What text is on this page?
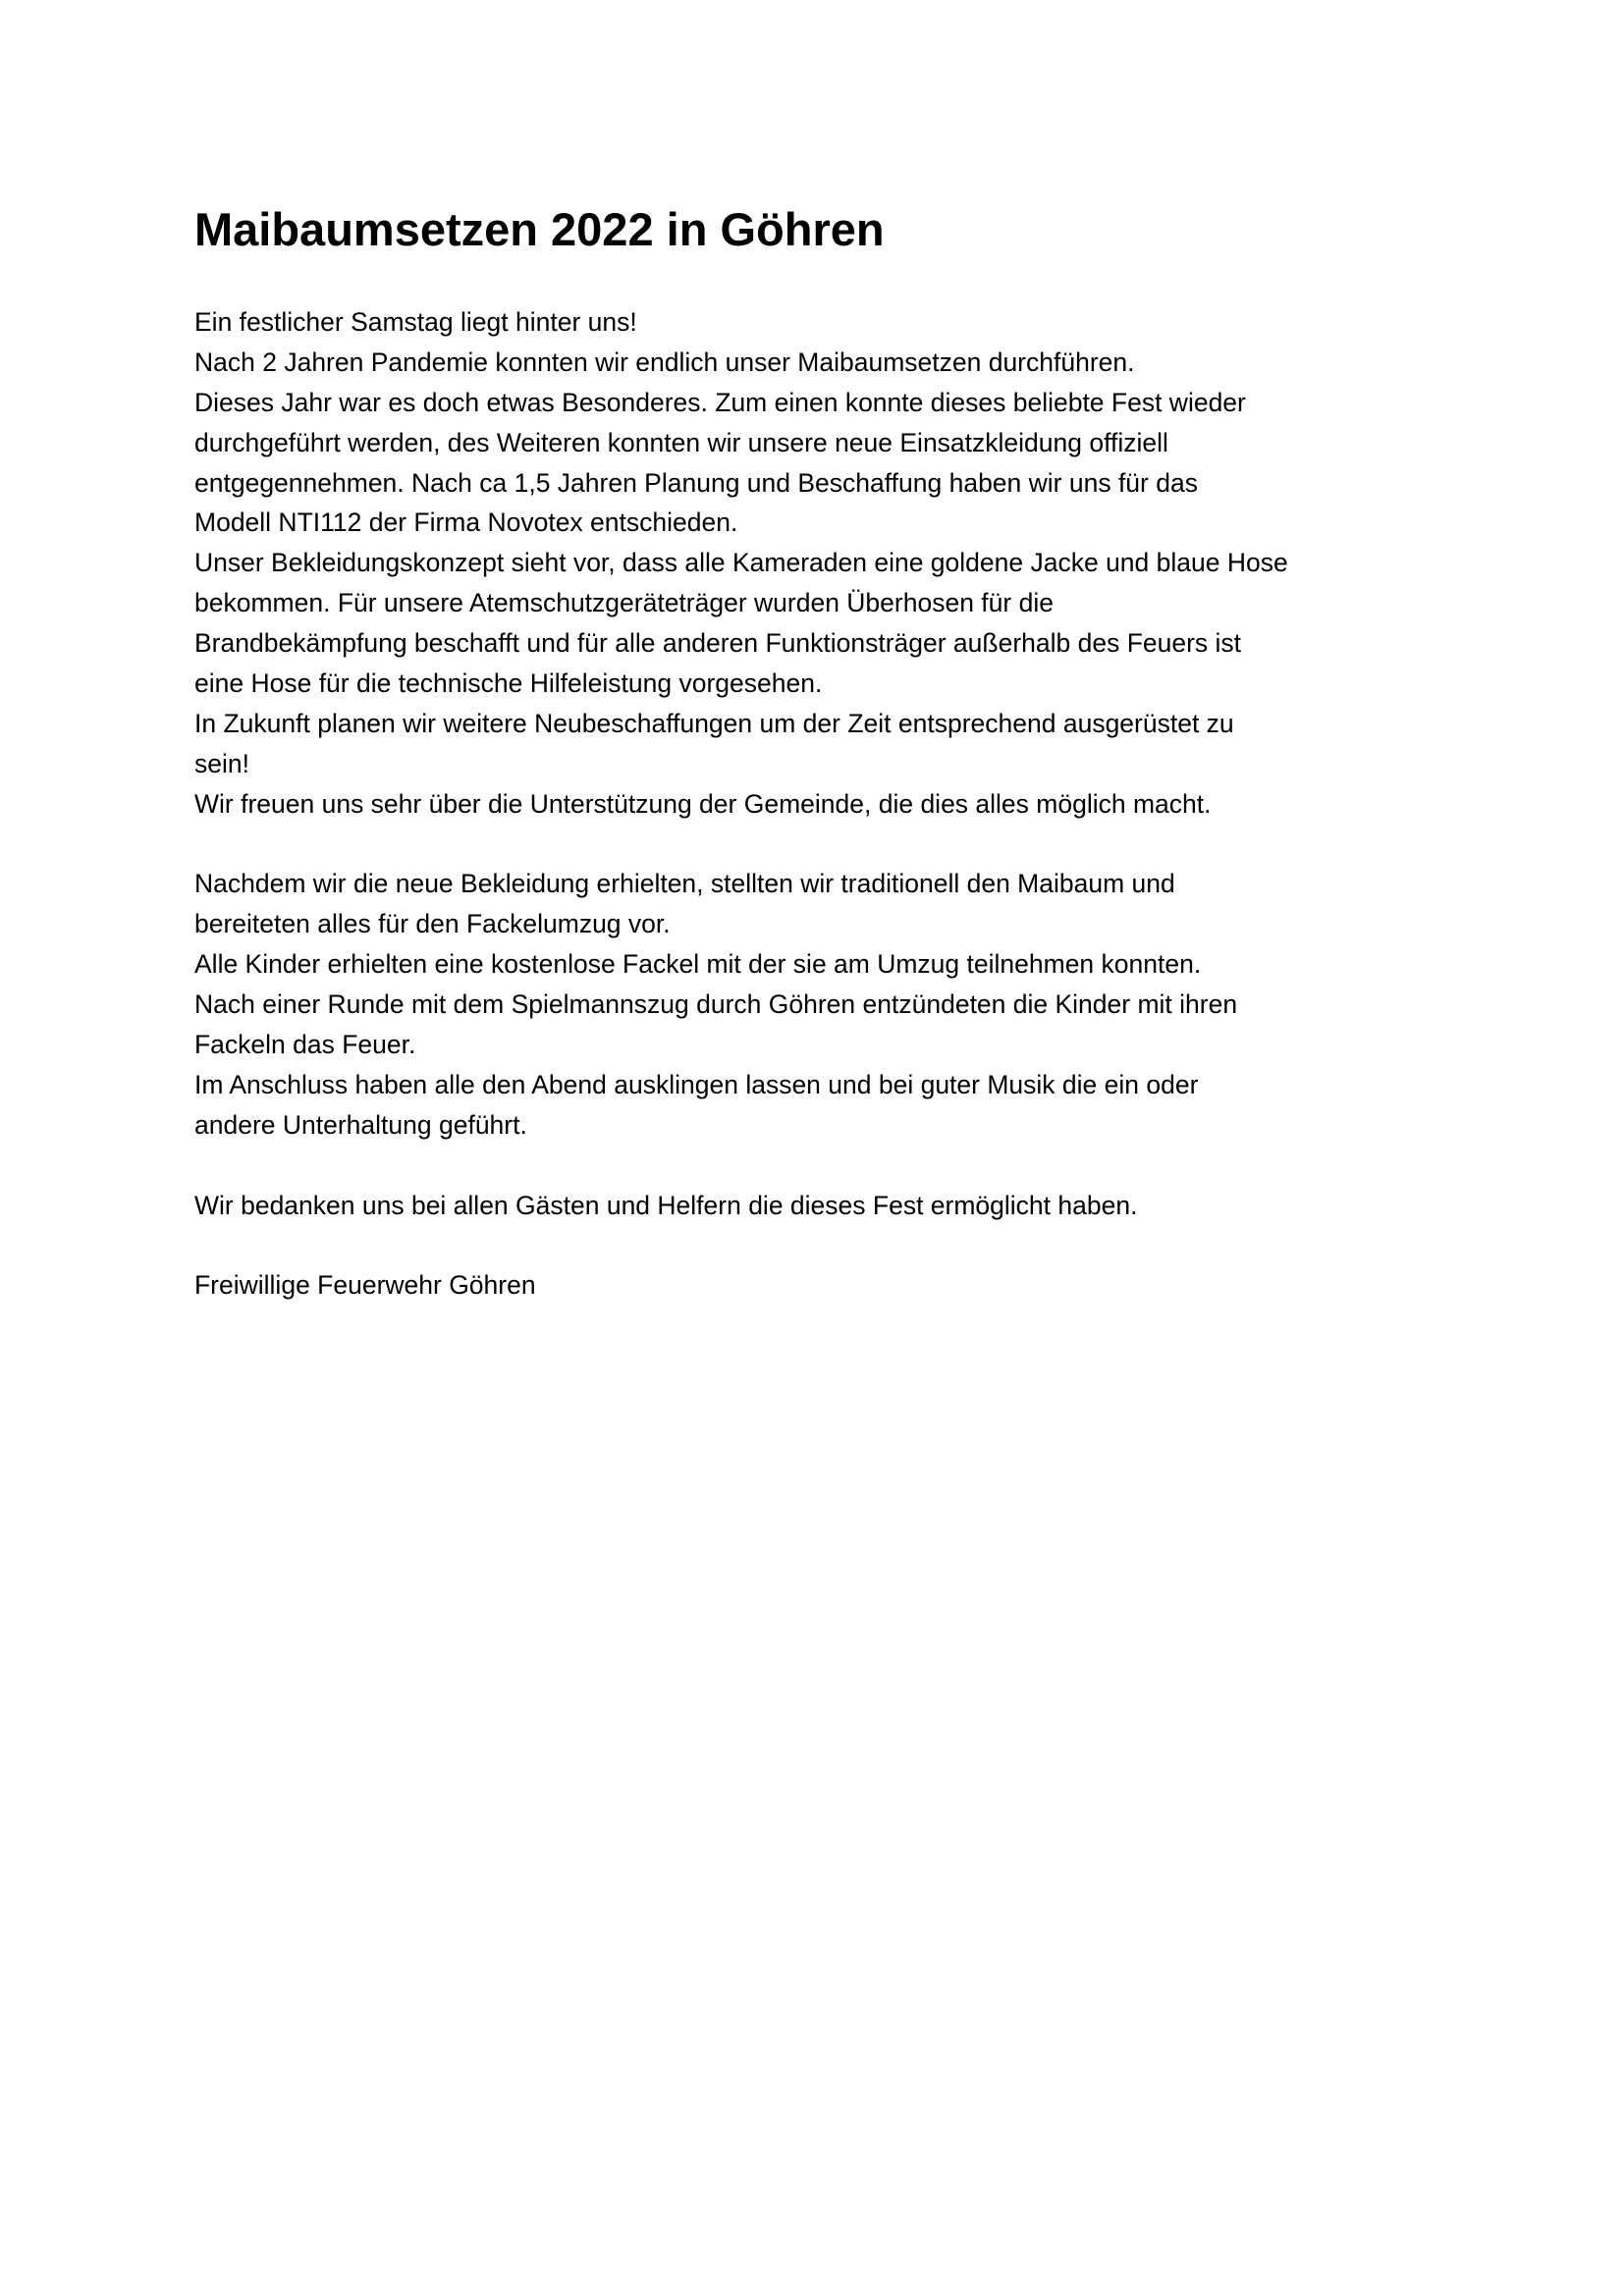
Maibaumsetzen 2022 in Göhren
Ein festlicher Samstag liegt hinter uns!
Nach 2 Jahren Pandemie konnten wir endlich unser Maibaumsetzen durchführen.
Dieses Jahr war es doch etwas Besonderes. Zum einen konnte dieses beliebte Fest wieder
durchgeführt werden, des Weiteren konnten wir unsere neue Einsatzkleidung offiziell
entgegennehmen. Nach ca 1,5 Jahren Planung und Beschaffung haben wir uns für das
Modell NTI112 der Firma Novotex entschieden.
Unser Bekleidungskonzept sieht vor, dass alle Kameraden eine goldene Jacke und blaue Hose
bekommen. Für unsere Atemschutzgeräteträger wurden Überhosen für die
Brandbekämpfung beschafft und für alle anderen Funktionsträger außerhalb des Feuers ist
eine Hose für die technische Hilfeleistung vorgesehen.
In Zukunft planen wir weitere Neubeschaffungen um der Zeit entsprechend ausgerüstet zu
sein!
Wir freuen uns sehr über die Unterstützung der Gemeinde, die dies alles möglich macht.
Nachdem wir die neue Bekleidung erhielten, stellten wir traditionell den Maibaum und
bereiteten alles für den Fackelumzug vor.
Alle Kinder erhielten eine kostenlose Fackel mit der sie am Umzug teilnehmen konnten.
Nach einer Runde mit dem Spielmannszug durch Göhren entzündeten die Kinder mit ihren
Fackeln das Feuer.
Im Anschluss haben alle den Abend ausklingen lassen und bei guter Musik die ein oder
andere Unterhaltung geführt.
Wir bedanken uns bei allen Gästen und Helfern die dieses Fest ermöglicht haben.
Freiwillige Feuerwehr Göhren
